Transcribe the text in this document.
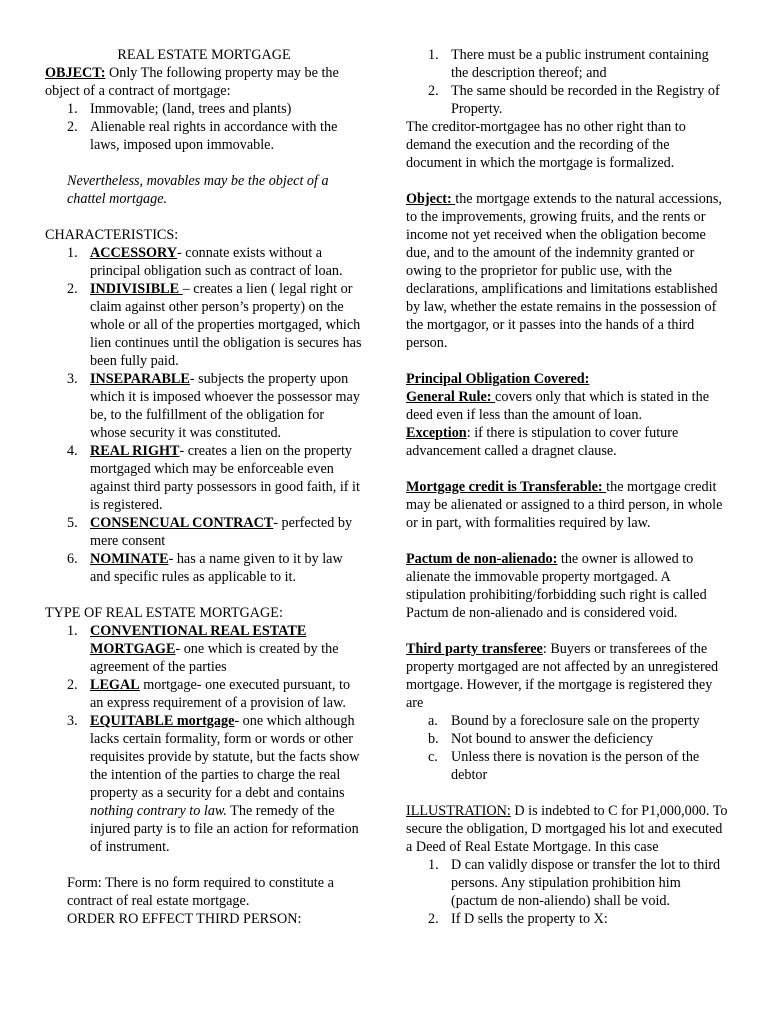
REAL ESTATE MORTGAGE

OBJECT: Only The following property may be the object of a contract of mortgage:

1. Immovable; (land, trees and plants)
2. Alienable real rights in accordance with the laws, imposed upon immovable.

Nevertheless, movables may be the object of a chattel mortgage.

CHARACTERISTICS:

1. ACCESSORY- connate exists without a principal obligation such as contract of loan.
2. INDIVISIBLE – creates a lien ( legal right or claim against other person’s property) on the whole or all of the properties mortgaged, which lien continues until the obligation is secures has been fully paid.
3. INSEPARABLE- subjects the property upon which it is imposed whoever the possessor may be, to the fulfillment of the obligation for whose security it was constituted.
4. REAL RIGHT- creates a lien on the property mortgaged which may be enforceable even against third party possessors in good faith, if it is registered.
5. CONSENCUAL CONTRACT- perfected by mere consent
6. NOMINATE- has a name given to it by law and specific rules as applicable to it.

TYPE OF REAL ESTATE MORTGAGE:

1. CONVENTIONAL REAL ESTATE MORTGAGE- one which is created by the agreement of the parties
2. LEGAL mortgage- one executed pursuant, to an express requirement of a provision of law.
3. EQUITABLE mortgage- one which although lacks certain formality, form or words or other requisites provide by statute, but the facts show the intention of the parties to charge the real property as a security for a debt and contains nothing contrary to law. The remedy of the injured party is to file an action for reformation of instrument.

Form: There is no form required to constitute a contract of real estate mortgage.

ORDER RO EFFECT THIRD PERSON:

1. There must be a public instrument containing the description thereof; and
2. The same should be recorded in the Registry of Property.

The creditor-mortgagee has no other right than to demand the execution and the recording of the document in which the mortgage is formalized.

Object: the mortgage extends to the natural accessions, to the improvements, growing fruits, and the rents or income not yet received when the obligation become due, and to the amount of the indemnity granted or owing to the proprietor for public use, with the declarations, amplifications and limitations established by law, whether the estate remains in the possession of the mortgagor, or it passes into the hands of a third person.

Principal Obligation Covered:

General Rule: covers only that which is stated in the deed even if less than the amount of loan.

Exception: if there is stipulation to cover future advancement called a dragnet clause.

Mortgage credit is Transferable: the mortgage credit may be alienated or assigned to a third person, in whole or in part, with formalities required by law.

Pactum de non-alienado: the owner is allowed to alienate the immovable property mortgaged. A stipulation prohibiting/forbidding such right is called Pactum de non-alienado and is considered void.

Third party transferee: Buyers or transferees of the property mortgaged are not affected by an unregistered mortgage. However, if the mortgage is registered they are

a. Bound by a foreclosure sale on the property
b. Not bound to answer the deficiency
c. Unless there is novation is the person of the debtor

ILLUSTRATION: D is indebted to C for P1,000,000. To secure the obligation, D mortgaged his lot and executed a Deed of Real Estate Mortgage. In this case

1. D can validly dispose or transfer the lot to third persons. Any stipulation prohibition him (pactum de non-aliendo) shall be void.
2. If D sells the property to X:
